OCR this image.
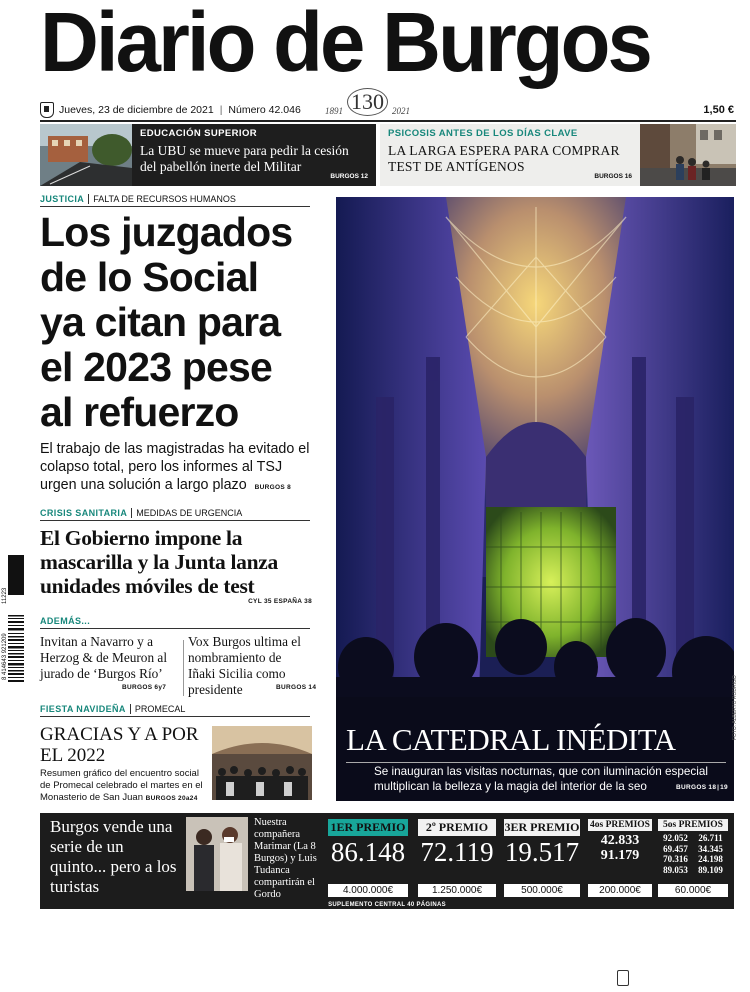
Diario de Burgos
1891 130 2021
Jueves, 23 de diciembre de 2021 | Número 42.046	1,50 €
EDUCACIÓN SUPERIOR
La UBU se mueve para pedir la cesión del pabellón inerte del Militar
BURGOS 12
PSICOSIS ANTES DE LOS DÍAS CLAVE
LA LARGA ESPERA PARA COMPRAR TEST DE ANTÍGENOS
BURGOS 16
JUSTICIA FALTA DE RECURSOS HUMANOS
Los juzgados de lo Social ya citan para el 2023 pese al refuerzo
El trabajo de las magistradas ha evitado el colapso total, pero los informes al TSJ urgen una solución a largo plazo BURGOS 8
CRISIS SANITARIA MEDIDAS DE URGENCIA
El Gobierno impone la mascarilla y la Junta lanza unidades móviles de test
CYL 35 ESPAÑA 38
ADEMÁS...
Invitan a Navarro y a Herzog & de Meuron al jurado de ‘Burgos Río’
BURGOS 6y7
Vox Burgos ultima el nombramiento de Iñaki Sicilia como presidente	BURGOS 14
FIESTA NAVIDEÑA PROMECAL
GRACIAS Y A POR EL 2022
Resumen gráfico del encuentro social de Promecal celebrado el martes en el Monasterio de San Juan BURGOS 20a24
LA CATEDRAL INÉDITA
Se inauguran las visitas nocturnas, que con iluminación especial multiplican la belleza y la magia del interior de la seo	BURGOS 18 | 19
FOTO: ALBERTO RODRIGO
8 414643 921209
11223
Burgos vende una serie de un quinto... pero a los turistas
Nuestra compañera Marimar (La 8 Burgos) y Luis Tudanca compartirán el Gordo
1ER PREMIO
86.148
4.000.000€
2º PREMIO
72.119
1.250.000€
3ER PREMIO
19.517
500.000€
4os PREMIOS
42.833
91.179
200.000€
5os PREMIOS
92.052	26.711
69.457	34.345
70.316	24.198
89.053	89.109
60.000€
SUPLEMENTO CENTRAL 40 PÁGINAS
